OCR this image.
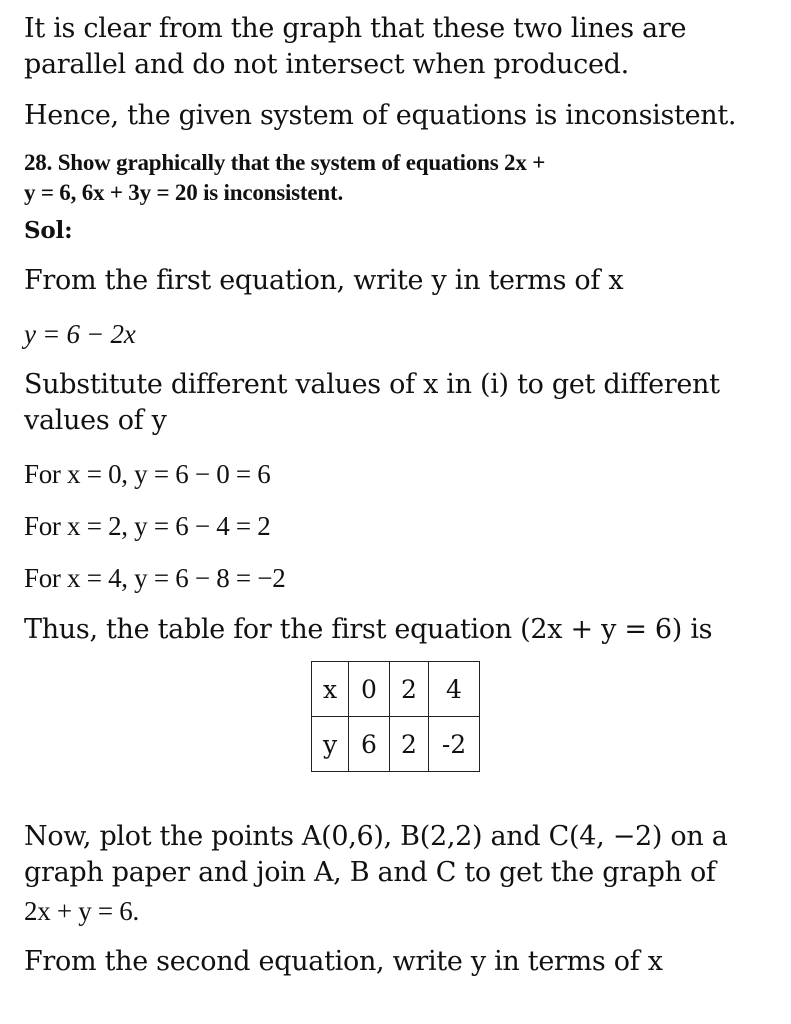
It is clear from the graph that these two lines are
parallel and do not intersect when produced.
Hence, the given system of equations is inconsistent.
28. Show graphically that the system of equations 2x +
y = 6, 6x + 3y = 20 is inconsistent.
Sol:
From the first equation, write y in terms of x
y = 6 − 2x
Substitute different values of x in (i) to get different
values of y
For x = 0, y = 6 − 0 = 6
For x = 2, y = 6 − 4 = 2
For x = 4, y = 6 − 8 = −2
Thus, the table for the first equation (2x + y = 6) is
Now, plot the points A(0,6), B(2,2) and C(4, −2) on a
graph paper and join A, B and C to get the graph of
2x + y = 6.
From the second equation, write y in terms of x
x	0	2	4
y	6	2	-2
